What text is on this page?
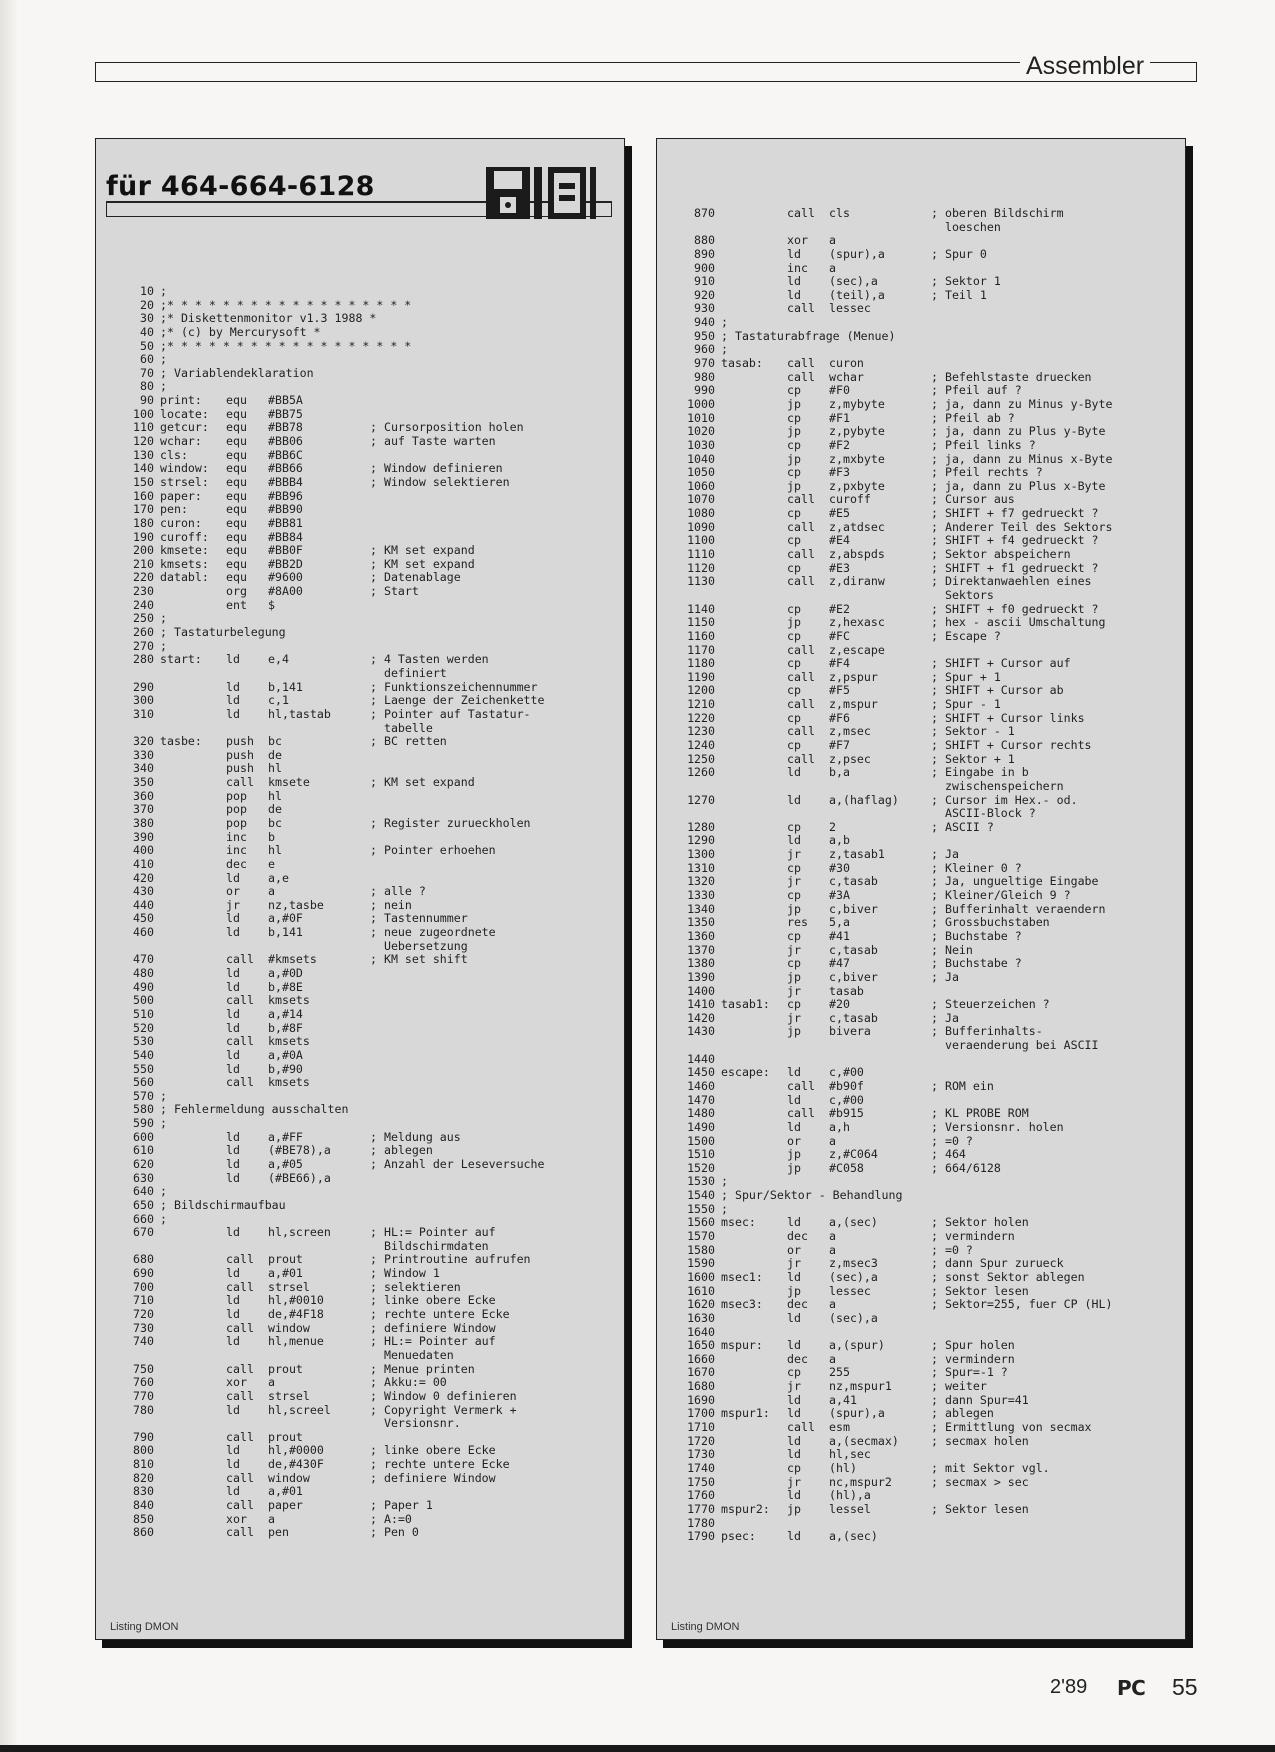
Assembler
für 464-664-6128
10 ;
20 ;* * * * * * * * * * * * * * * * * *
30 ;* Diskettenmonitor v1.3 1988 *
40 ;* (c) by Mercurysoft *
50 ;* * * * * * * * * * * * * * * * * *
60 ;
70 ; Variablendeklaration
80 ;
90 print: equ #BB5A
100 locate: equ #BB75
110 getcur: equ #BB78	; Cursorposition holen
120 wchar: equ #BB06	; auf Taste warten
130 cls:	equ #BB6C
140 window: equ #BB66	; Window definieren
150 strsel: equ #BBB4	; Window selektieren
160 paper: equ #BB96
170 pen:	equ #BB90
180 curon: equ #BB81
190 curoff: equ #BB84
200 kmsete: equ #BB0F	; KM set expand
210 kmsets: equ #BB2D	; KM set expand
220 databl: equ #9600	; Datenablage
230	org #8A00	; Start
240	ent $
250 ;
260 ; Tastaturbelegung
270 ;
280 start: ld e,4	; 4 Tasten werden
definiert
290	ld b,141	; Funktionszeichennummer
300	ld c,1	; Laenge der Zeichenkette
310	ld hl,tastab	; Pointer auf Tastatur-
tabelle
320 tasbe: push bc	; BC retten
330	push de
340	push hl
350	call kmsete	; KM set expand
360	pop hl
370	pop de
380	pop bc	; Register zurueckholen
390	inc b
400	inc hl	; Pointer erhoehen
410	dec e
420	ld a,e
430	or a	; alle ?
440	jr nz,tasbe	; nein
450	ld a,#0F	; Tastennummer
460	ld b,141	; neue zugeordnete
Uebersetzung
470	call #kmsets	; KM set shift
480	ld a,#0D
490	ld b,#8E
500	call kmsets
510	ld a,#14
520	ld b,#8F
530	call kmsets
540	ld a,#0A
550	ld b,#90
560	call kmsets
570 ;
580 ; Fehlermeldung ausschalten
590 ;
600	ld a,#FF	; Meldung aus
610	ld (#BE78),a	; ablegen
620	ld a,#05	; Anzahl der Leseversuche
630	ld (#BE66),a
640 ;
650 ; Bildschirmaufbau
660 ;
670	ld hl,screen	; HL:= Pointer auf
Bildschirmdaten
680	call prout	; Printroutine aufrufen
690	ld a,#01	; Window 1
700	call strsel	; selektieren
710	ld hl,#0010	; linke obere Ecke
720	ld de,#4F18	; rechte untere Ecke
730	call window	; definiere Window
740	ld hl,menue	; HL:= Pointer auf
Menuedaten
750	call prout	; Menue printen
760	xor a	; Akku:= 00
770	call strsel	; Window 0 definieren
780	ld hl,screel	; Copyright Vermerk +
Versionsnr.
790	call prout
800	ld hl,#0000	; linke obere Ecke
810	ld de,#430F	; rechte untere Ecke
820	call window	; definiere Window
830	ld a,#01
840	call paper	; Paper 1
850	xor a	; A:=0
860	call pen	; Pen 0
Listing DMON
870	call cls	; oberen Bildschirm
loeschen
880	xor a
890	ld (spur),a	; Spur 0
900	inc a
910	ld (sec),a	; Sektor 1
920	ld (teil),a	; Teil 1
930	call lessec
940 ;
950 ; Tastaturabfrage (Menue)
960 ;
970 tasab: call curon
980	call wchar	; Befehlstaste druecken
990	cp #F0	; Pfeil auf ?
1000	jp z,mybyte	; ja, dann zu Minus y-Byte
1010	cp #F1	; Pfeil ab ?
1020	jp z,pybyte	; ja, dann zu Plus y-Byte
1030	cp #F2	; Pfeil links ?
1040	jp z,mxbyte	; ja, dann zu Minus x-Byte
1050	cp #F3	; Pfeil rechts ?
1060	jp z,pxbyte	; ja, dann zu Plus x-Byte
1070	call curoff	; Cursor aus
1080	cp #E5	; SHIFT + f7 gedrueckt ?
1090	call z,atdsec	; Anderer Teil des Sektors
1100	cp #E4	; SHIFT + f4 gedrueckt ?
1110	call z,abspds	; Sektor abspeichern
1120	cp #E3	; SHIFT + f1 gedrueckt ?
1130	call z,diranw	; Direktanwaehlen eines
Sektors
1140	cp #E2	; SHIFT + f0 gedrueckt ?
1150	jp z,hexasc	; hex - ascii Umschaltung
1160	cp #FC	; Escape ?
1170	call z,escape
1180	cp #F4	; SHIFT + Cursor auf
1190	call z,pspur	; Spur + 1
1200	cp #F5	; SHIFT + Cursor ab
1210	call z,mspur	; Spur - 1
1220	cp #F6	; SHIFT + Cursor links
1230	call z,msec	; Sektor - 1
1240	cp #F7	; SHIFT + Cursor rechts
1250	call z,psec	; Sektor + 1
1260	ld b,a	; Eingabe in b
zwischenspeichern
1270	ld a,(haflag)	; Cursor im Hex.- od.
ASCII-Block ?
1280	cp 2	; ASCII ?
1290	ld a,b
1300	jr z,tasab1	; Ja
1310	cp #30	; Kleiner 0 ?
1320	jr c,tasab	; Ja, ungueltige Eingabe
1330	cp #3A	; Kleiner/Gleich 9 ?
1340	jp c,biver	; Bufferinhalt veraendern
1350	res 5,a	; Grossbuchstaben
1360	cp #41	; Buchstabe ?
1370	jr c,tasab	; Nein
1380	cp #47	; Buchstabe ?
1390	jp c,biver	; Ja
1400	jr tasab
1410 tasab1: cp #20	; Steuerzeichen ?
1420	jr c,tasab	; Ja
1430	jp bivera	; Bufferinhalts-
veraenderung bei ASCII
1440
1450 escape: ld c,#00
1460	call #b90f	; ROM ein
1470	ld c,#00
1480	call #b915	; KL PROBE ROM
1490	ld a,h	; Versionsnr. holen
1500	or a	; =0 ?
1510	jp z,#C064	; 464
1520	jp #C058	; 664/6128
1530 ;
1540 ; Spur/Sektor - Behandlung
1550 ;
1560 msec:	ld a,(sec)	; Sektor holen
1570	dec a	; vermindern
1580	or a	; =0 ?
1590	jr z,msec3	; dann Spur zurueck
1600 msec1: ld (sec),a	; sonst Sektor ablegen
1610	jp lessec	; Sektor lesen
1620 msec3: dec a	; Sektor=255, fuer CP (HL)
1630	ld (sec),a
1640
1650 mspur: ld a,(spur)	; Spur holen
1660	dec a	; vermindern
1670	cp 255	; Spur=-1 ?
1680	jr nz,mspur1	; weiter
1690	ld a,41	; dann Spur=41
1700 mspur1: ld (spur),a	; ablegen
1710	call esm	; Ermittlung von secmax
1720	ld a,(secmax)	; secmax holen
1730	ld hl,sec
1740	cp (hl)	; mit Sektor vgl.
1750	jr nc,mspur2	; secmax > sec
1760	ld (hl),a
1770 mspur2: jp lessel	; Sektor lesen
1780
1790 psec:	ld a,(sec)
Listing DMON
2'89 PC 55
